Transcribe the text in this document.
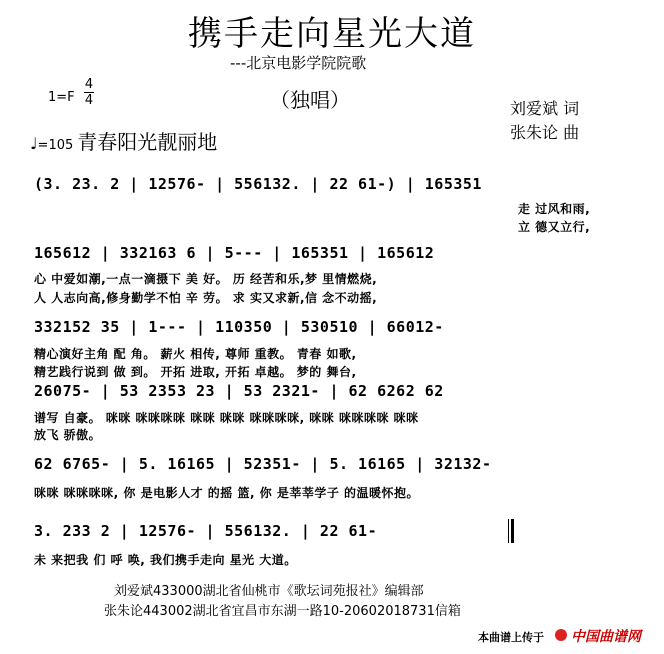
携手走向星光大道
---北京电影学院院歌
（独唱）
1=F
4
4	刘爱斌 词
张朱论 曲
♩=105 青春阳光靓丽地
(3. 23. 2 | 12576- | 556132. | 22 61-) | 165351
走 过风和雨,
立 德又立行,
165612 | 332163 6 | 5--- | 165351 | 165612
心 中爱如潮,一点一滴摄下 美 好。 历 经苦和乐,梦 里情燃烧,
人 人志向高,修身勤学不怕 辛 劳。 求 实又求新,信 念不动摇,
332152 35 | 1--- | 110350 | 530510 | 66012-
精心演好主角 配 角。 薪火 相传, 尊师 重教。 青春 如歌,
精艺践行说到 做 到。 开拓 进取, 开拓 卓越。 梦的 舞台,
26075- | 53 2353 23 | 53 2321- | 62 6262 62
谱写 自豪。 咪咪 咪咪咪咪 咪咪 咪咪 咪咪咪咪, 咪咪 咪咪咪咪 咪咪
放飞 骄傲。
62 6765- | 5. 16165 | 52351- | 5. 16165 | 32132-
咪咪 咪咪咪咪, 你 是电影人才 的摇 篮, 你 是莘莘学子 的温暖怀抱。
3. 233 2 | 12576- | 556132. | 22 61-
未 来把我 们 呼 唤, 我们携手走向 星光 大道。
刘爱斌433000湖北省仙桃市《歌坛词苑报社》编辑部
张朱论443002湖北省宜昌市东湖一路10-20602018731信箱
本曲谱上传于 中国曲谱网
